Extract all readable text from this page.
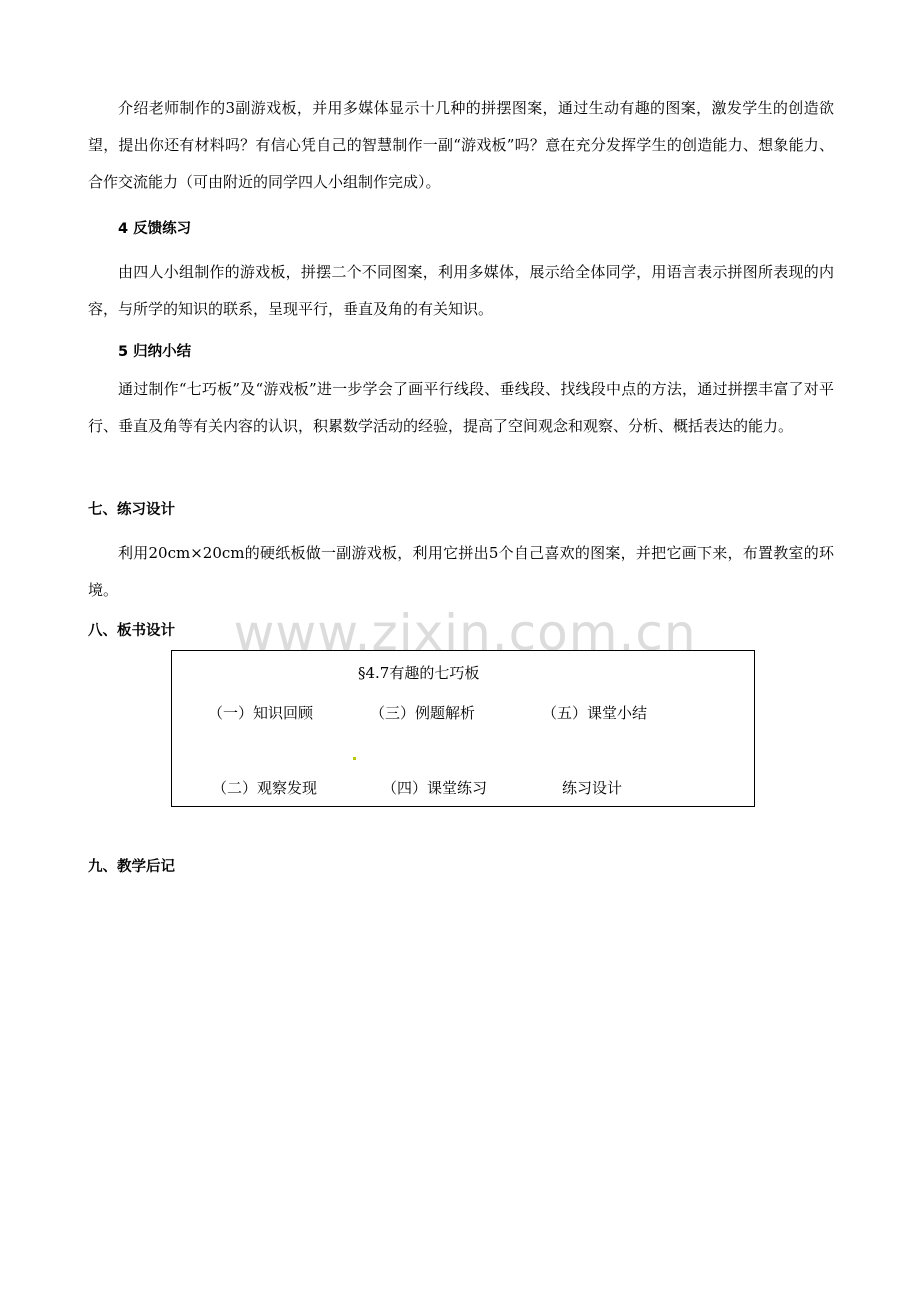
介绍老师制作的3副游戏板，并用多媒体显示十几种的拼摆图案，通过生动有趣的图案，激发学生的创造欲望，提出你还有材料吗？有信心凭自己的智慧制作一副“游戏板”吗？意在充分发挥学生的创造能力、想象能力、合作交流能力（可由附近的同学四人小组制作完成）。

4 反馈练习

由四人小组制作的游戏板，拼摆二个不同图案，利用多媒体，展示给全体同学，用语言表示拼图所表现的内容，与所学的知识的联系，呈现平行，垂直及角的有关知识。

5 归纳小结

通过制作“七巧板”及“游戏板”进一步学会了画平行线段、垂线段、找线段中点的方法，通过拼摆丰富了对平行、垂直及角等有关内容的认识，积累数学活动的经验，提高了空间观念和观察、分析、概括表达的能力。

七、练习设计

利用20cm×20cm的硬纸板做一副游戏板，利用它拼出5个自己喜欢的图案，并把它画下来，布置教室的环境。

八、板书设计 www.zixin.com.cn
§4.7有趣的七巧板
（一）知识回顾	（三）例题解析	（五）课堂小结
（二）观察发现	（四）课堂练习	练习设计

九、教学后记
